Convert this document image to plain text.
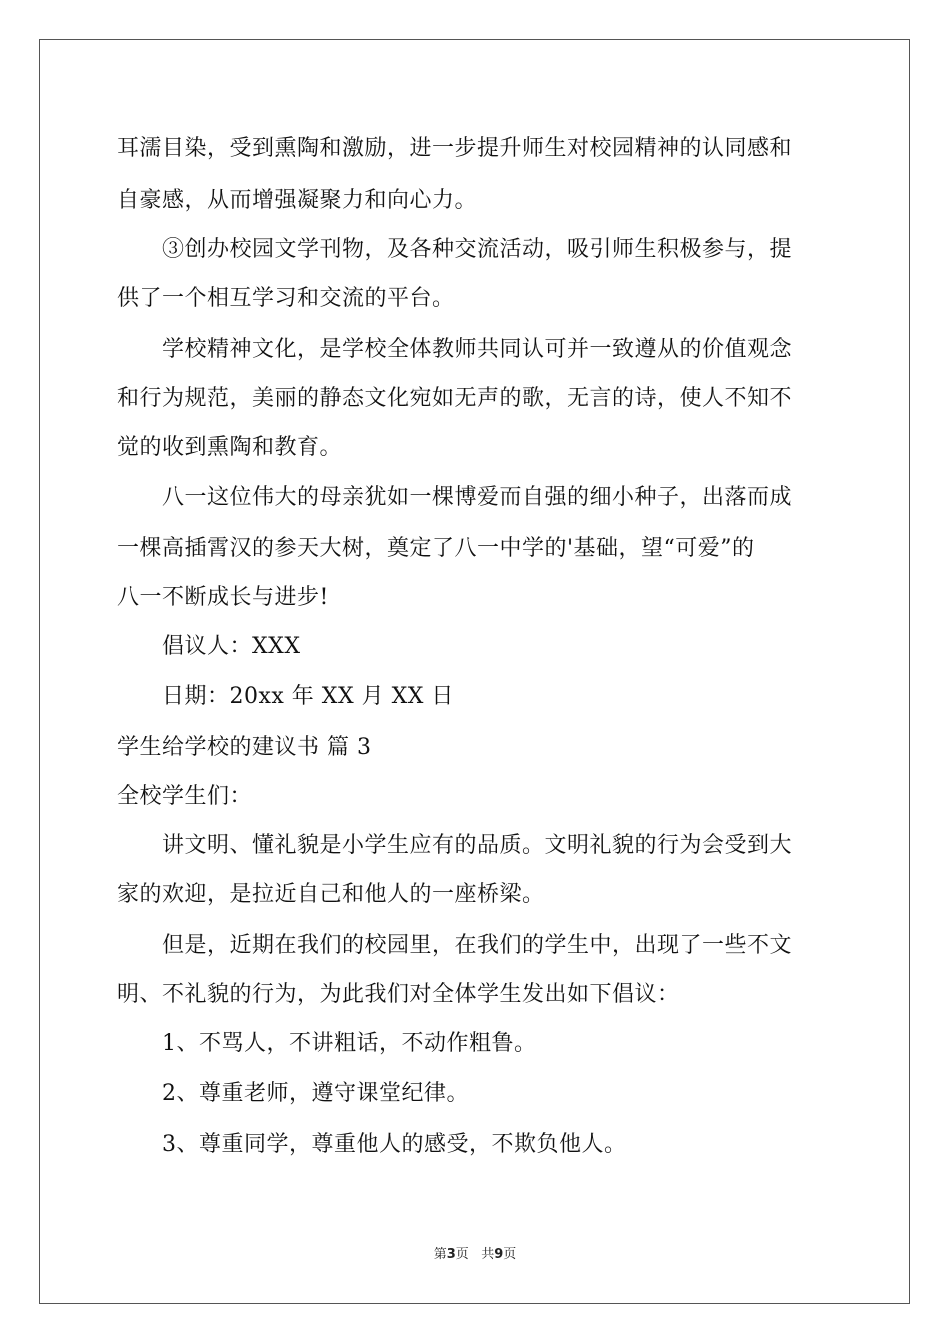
耳濡目染，受到熏陶和激励，进一步提升师生对校园精神的认同感和
自豪感，从而增强凝聚力和向心力。
　　③创办校园文学刊物，及各种交流活动，吸引师生积极参与，提
供了一个相互学习和交流的平台。
　　学校精神文化，是学校全体教师共同认可并一致遵从的价值观念
和行为规范，美丽的静态文化宛如无声的歌，无言的诗，使人不知不
觉的收到熏陶和教育。
　　八一这位伟大的母亲犹如一棵博爱而自强的细小种子，出落而成
一棵高插霄汉的参天大树，奠定了八一中学的'基础，望“可爱”的
八一不断成长与进步!
　　倡议人：XXX
　　日期：20xx 年 XX 月 XX 日
学生给学校的建议书 篇 3
全校学生们：
　　讲文明、懂礼貌是小学生应有的品质。文明礼貌的行为会受到大
家的欢迎，是拉近自己和他人的一座桥梁。
　　但是，近期在我们的校园里，在我们的学生中，出现了一些不文
明、不礼貌的行为，为此我们对全体学生发出如下倡议：
　　1、不骂人，不讲粗话，不动作粗鲁。
　　2、尊重老师，遵守课堂纪律。
　　3、尊重同学，尊重他人的感受，不欺负他人。
第3页 共9页
